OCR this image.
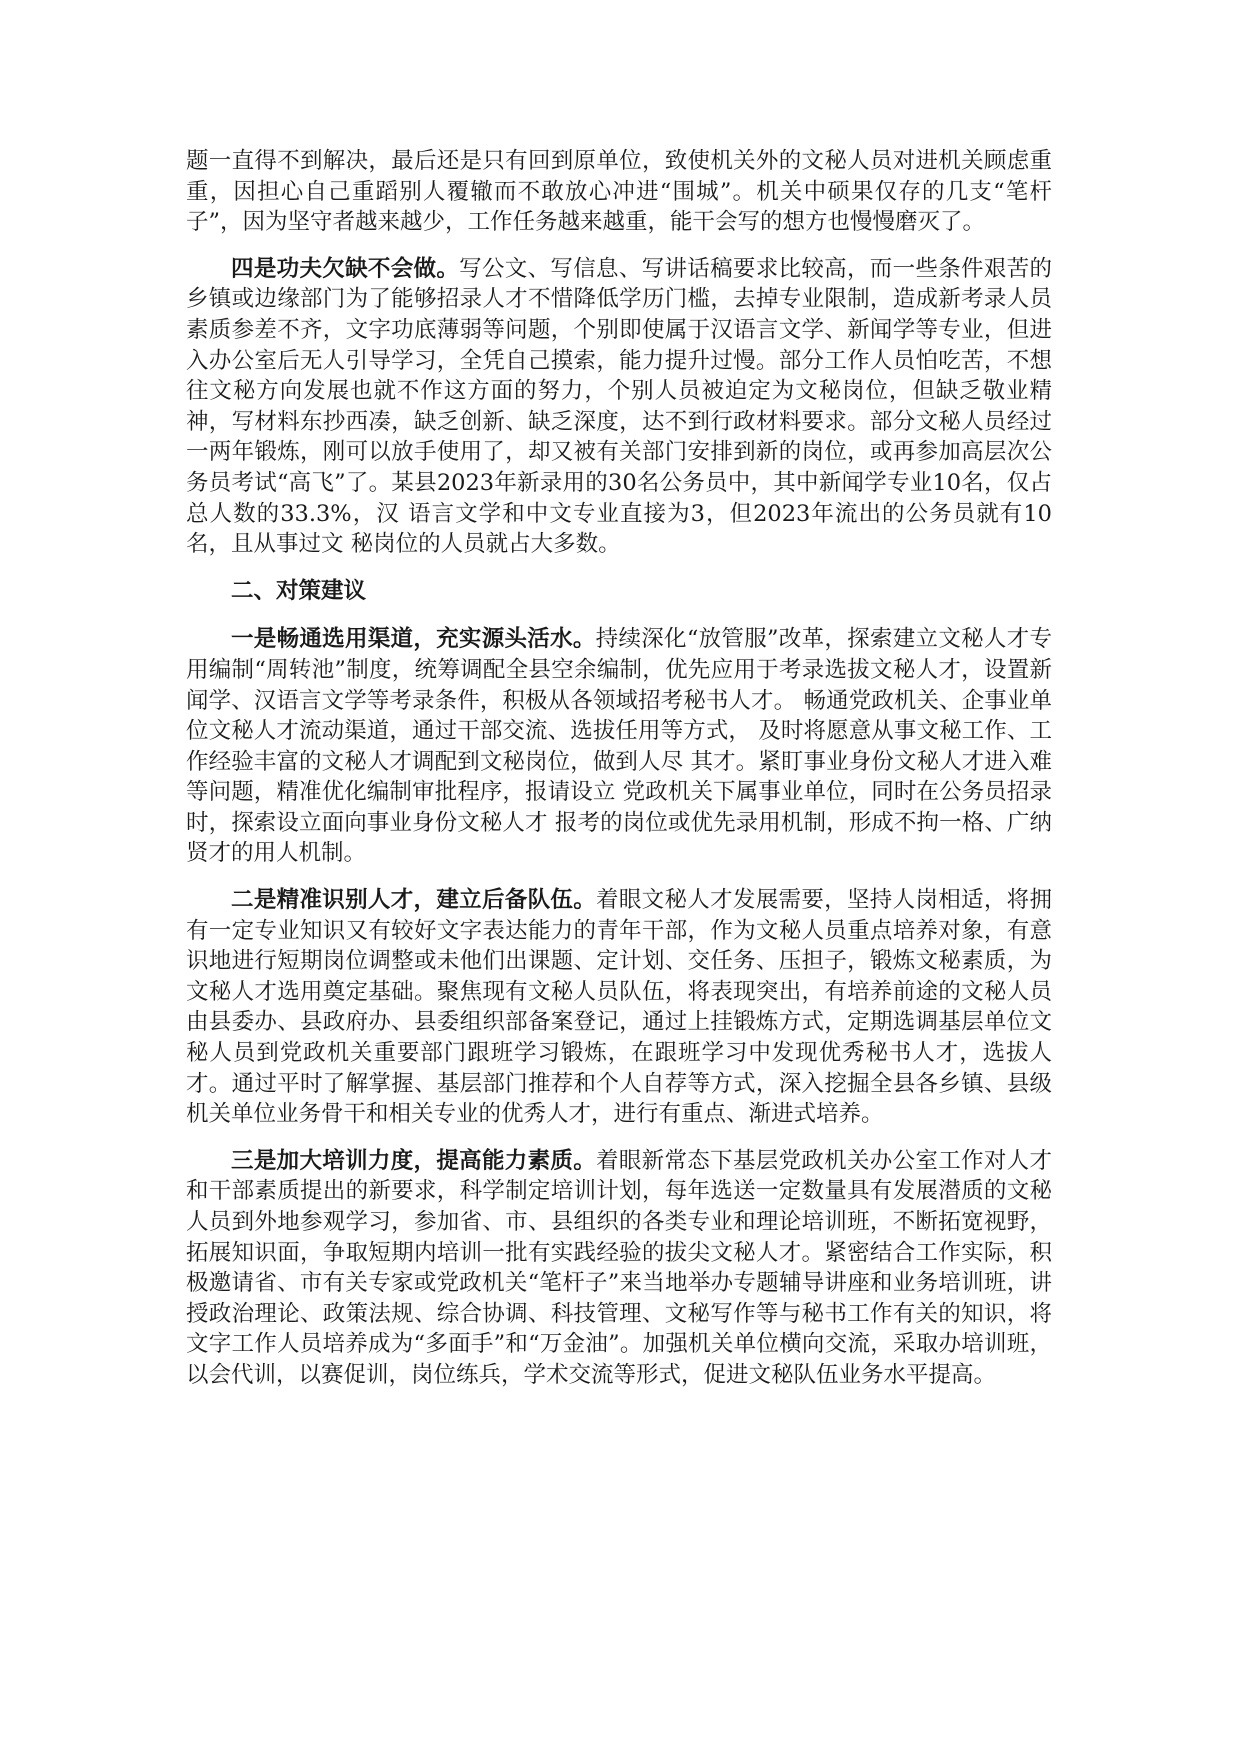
题一直得不到解决，最后还是只有回到原单位，致使机关外的文秘人员对进机关顾虑重重，因担心自己重蹈别人覆辙而不敢放心冲进“围城”。机关中硕果仅存的几支“笔杆子”，因为坚守者越来越少，工作任务越来越重，能干会写的想方也慢慢磨灭了。

四是功夫欠缺不会做。写公文、写信息、写讲话稿要求比较高，而一些条件艰苦的乡镇或边缘部门为了能够招录人才不惜降低学历门槛，去掉专业限制，造成新考录人员素质参差不齐，文字功底薄弱等问题，个别即使属于汉语言文学、新闻学等专业，但进入办公室后无人引导学习，全凭自己摸索，能力提升过慢。部分工作人员怕吃苦，不想往文秘方向发展也就不作这方面的努力，个别人员被迫定为文秘岗位，但缺乏敬业精神，写材料东抄西凑，缺乏创新、缺乏深度，达不到行政材料要求。部分文秘人员经过一两年锻炼，刚可以放手使用了，却又被有关部门安排到新的岗位，或再参加高层次公务员考试“高飞”了。某县2023年新录用的30名公务员中，其中新闻学专业10名，仅占总人数的33.3%，汉 语言文学和中文专业直接为3，但2023年流出的公务员就有10名，且从事过文 秘岗位的人员就占大多数。

二、对策建议

一是畅通选用渠道，充实源头活水。持续深化“放管服”改革，探索建立文秘人才专用编制“周转池”制度，统筹调配全县空余编制，优先应用于考录选拔文秘人才，设置新闻学、汉语言文学等考录条件，积极从各领域招考秘书人才。 畅通党政机关、企事业单位文秘人才流动渠道，通过干部交流、选拔任用等方式， 及时将愿意从事文秘工作、工作经验丰富的文秘人才调配到文秘岗位，做到人尽 其才。紧盯事业身份文秘人才进入难等问题，精准优化编制审批程序，报请设立 党政机关下属事业单位，同时在公务员招录时，探索设立面向事业身份文秘人才 报考的岗位或优先录用机制，形成不拘一格、广纳贤才的用人机制。

二是精准识别人才，建立后备队伍。着眼文秘人才发展需要，坚持人岗相适，将拥有一定专业知识又有较好文字表达能力的青年干部，作为文秘人员重点培养对象，有意识地进行短期岗位调整或未他们出课题、定计划、交任务、压担子，锻炼文秘素质，为文秘人才选用奠定基础。聚焦现有文秘人员队伍，将表现突出，有培养前途的文秘人员由县委办、县政府办、县委组织部备案登记，通过上挂锻炼方式，定期选调基层单位文秘人员到党政机关重要部门跟班学习锻炼，在跟班学习中发现优秀秘书人才，选拔人才。通过平时了解掌握、基层部门推荐和个人自荐等方式，深入挖掘全县各乡镇、县级机关单位业务骨干和相关专业的优秀人才，进行有重点、渐进式培养。

三是加大培训力度，提高能力素质。着眼新常态下基层党政机关办公室工作对人才和干部素质提出的新要求，科学制定培训计划，每年选送一定数量具有发展潜质的文秘人员到外地参观学习，参加省、市、县组织的各类专业和理论培训班，不断拓宽视野，拓展知识面，争取短期内培训一批有实践经验的拔尖文秘人才。紧密结合工作实际，积极邀请省、市有关专家或党政机关“笔杆子”来当地举办专题辅导讲座和业务培训班，讲授政治理论、政策法规、综合协调、科技管理、文秘写作等与秘书工作有关的知识，将文字工作人员培养成为“多面手”和“万金油”。加强机关单位横向交流，采取办培训班，以会代训，以赛促训，岗位练兵，学术交流等形式，促进文秘队伍业务水平提高。
